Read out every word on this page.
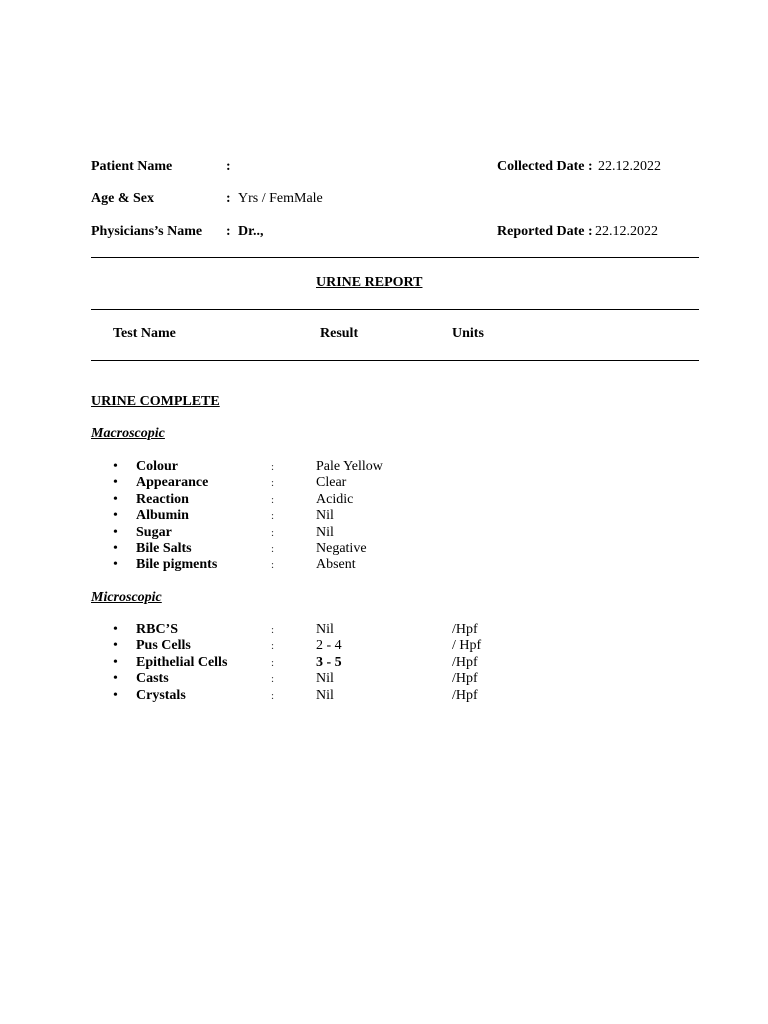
Patient Name	:
Age & Sex	: Yrs / FemMale
Physicians’s Name : Dr..,
Collected Date : 22.12.2022
Reported Date : 22.12.2022
URINE REPORT
Test Name	Result	Units
URINE COMPLETE
Macroscopic
• Colour	:	Pale Yellow
• Appearance	:	Clear
• Reaction	:	Acidic
• Albumin	:	Nil
• Sugar	:	Nil
• Bile Salts	:	Negative
• Bile pigments	:	Absent
Microscopic
• RBC’S	:	Nil	/Hpf
• Pus Cells	:	2 - 4	/ Hpf
• Epithelial Cells	:	3 - 5	/Hpf
• Casts	:	Nil	/Hpf
• Crystals	:	Nil	/Hpf
